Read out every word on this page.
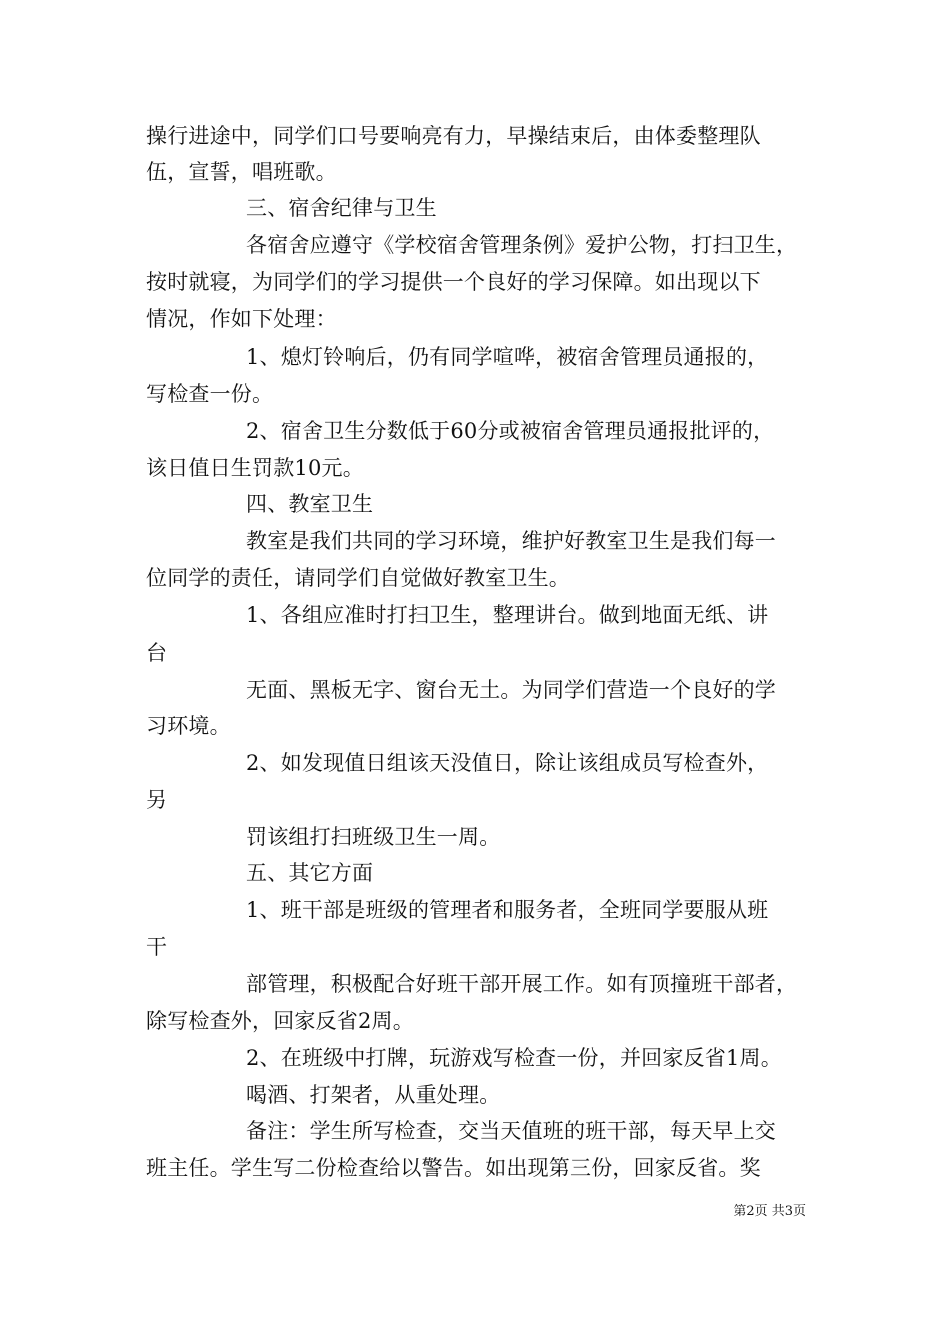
操行进途中，同学们口号要响亮有力，早操结束后，由体委整理队
伍，宣誓，唱班歌。
三、宿舍纪律与卫生
各宿舍应遵守《学校宿舍管理条例》爱护公物，打扫卫生，
按时就寝，为同学们的学习提供一个良好的学习保障。如出现以下
情况，作如下处理：
1、熄灯铃响后，仍有同学喧哗，被宿舍管理员通报的，
写检查一份。
2、宿舍卫生分数低于60分或被宿舍管理员通报批评的，
该日值日生罚款10元。
四、教室卫生
教室是我们共同的学习环境，维护好教室卫生是我们每一
位同学的责任，请同学们自觉做好教室卫生。
1、各组应准时打扫卫生，整理讲台。做到地面无纸、讲
台
无面、黑板无字、窗台无土。为同学们营造一个良好的学
习环境。
2、如发现值日组该天没值日，除让该组成员写检查外，
另
罚该组打扫班级卫生一周。
五、其它方面
1、班干部是班级的管理者和服务者，全班同学要服从班
干
部管理，积极配合好班干部开展工作。如有顶撞班干部者，
除写检查外，回家反省2周。
2、在班级中打牌，玩游戏写检查一份，并回家反省1周。
喝酒、打架者，从重处理。
备注：学生所写检查，交当天值班的班干部，每天早上交
班主任。学生写二份检查给以警告。如出现第三份，回家反省。奖
第2页 共3页
